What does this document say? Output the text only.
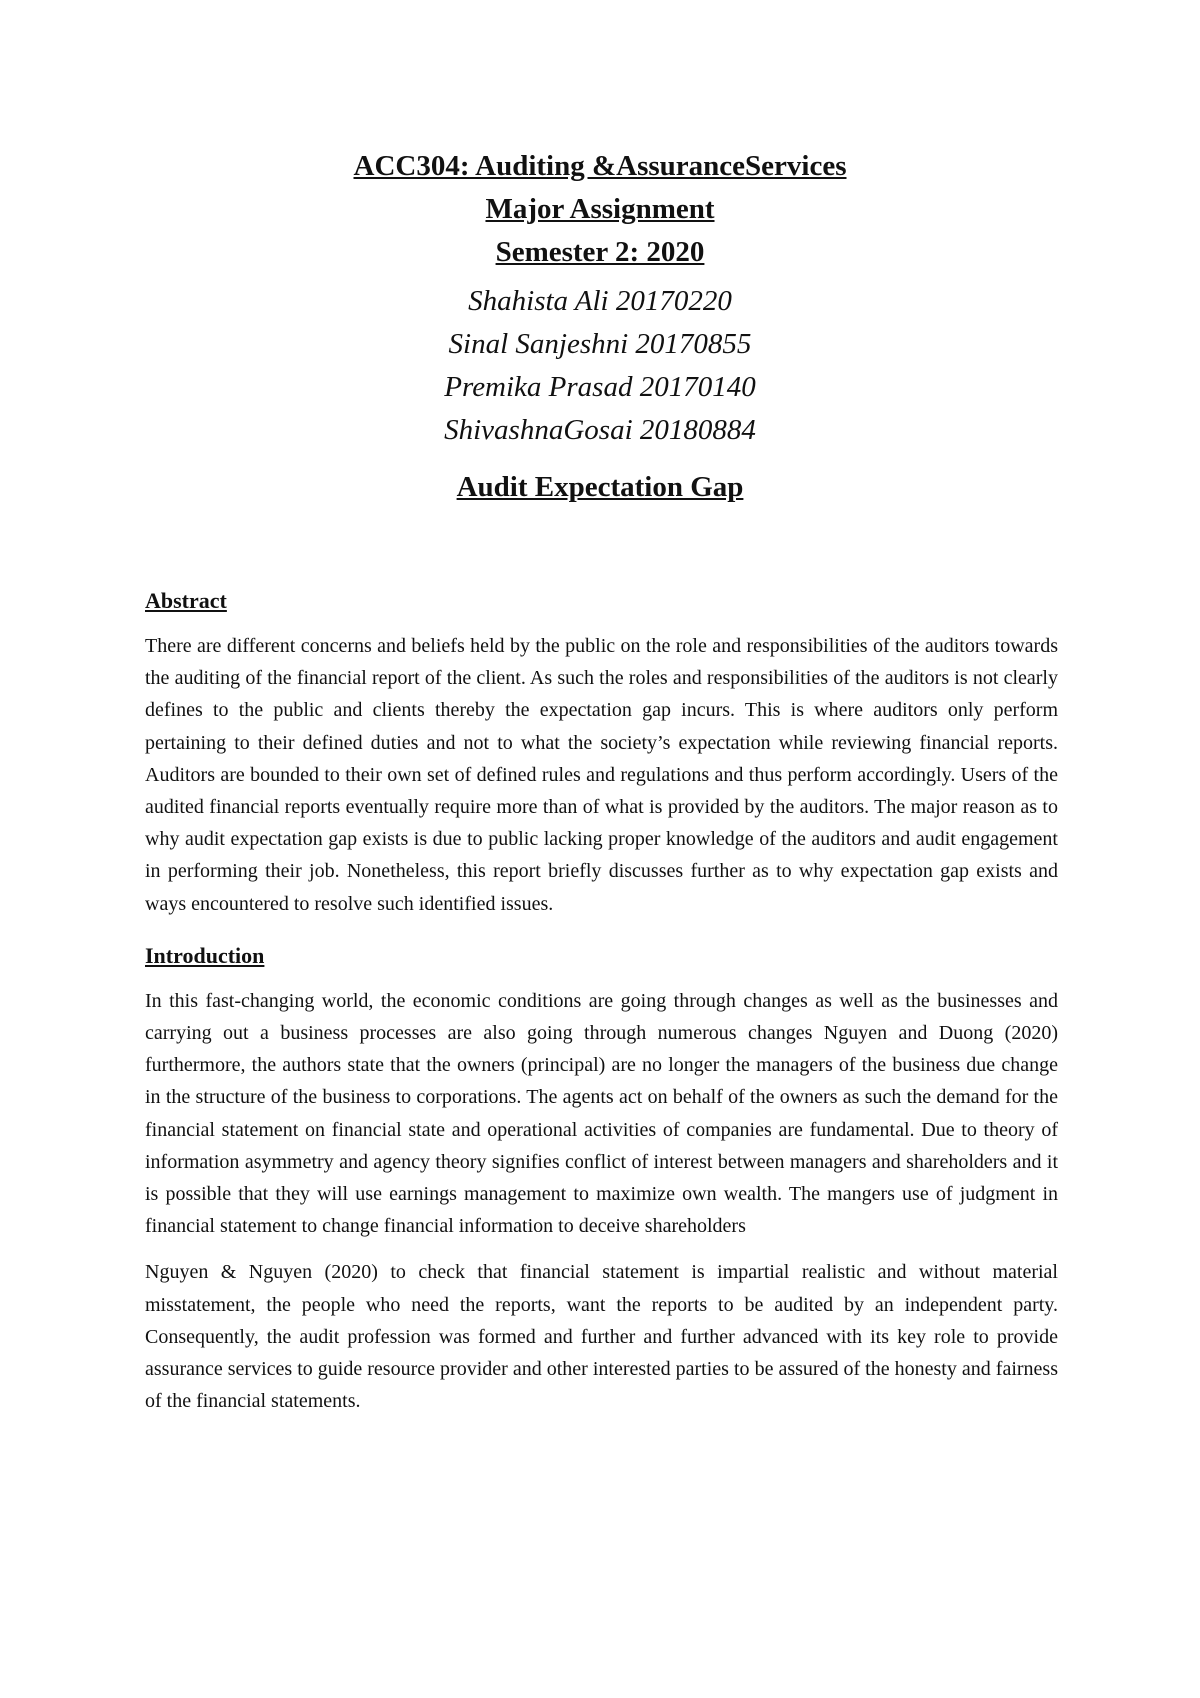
ACC304: Auditing &AssuranceServices
Major Assignment
Semester 2: 2020
Shahista Ali 20170220
Sinal Sanjeshni 20170855
Premika Prasad 20170140
ShivashnaGosai 20180884
Audit Expectation Gap
Abstract

There are different concerns and beliefs held by the public on the role and responsibilities of the auditors towards the auditing of the financial report of the client. As such the roles and responsibilities of the auditors is not clearly defines to the public and clients thereby the expectation gap incurs. This is where auditors only perform pertaining to their defined duties and not to what the society’s expectation while reviewing financial reports. Auditors are bounded to their own set of defined rules and regulations and thus perform accordingly. Users of the audited financial reports eventually require more than of what is provided by the auditors. The major reason as to why audit expectation gap exists is due to public lacking proper knowledge of the auditors and audit engagement in performing their job. Nonetheless, this report briefly discusses further as to why expectation gap exists and ways encountered to resolve such identified issues.

Introduction

In this fast-changing world, the economic conditions are going through changes as well as the businesses and carrying out a business processes are also going through numerous changes Nguyen and Duong (2020) furthermore, the authors state that the owners (principal) are no longer the managers of the business due change in the structure of the business to corporations. The agents act on behalf of the owners as such the demand for the financial statement on financial state and operational activities of companies are fundamental. Due to theory of information asymmetry and agency theory signifies conflict of interest between managers and shareholders and it is possible that they will use earnings management to maximize own wealth. The mangers use of judgment in financial statement to change financial information to deceive shareholders

Nguyen & Nguyen (2020) to check that financial statement is impartial realistic and without material misstatement, the people who need the reports, want the reports to be audited by an independent party. Consequently, the audit profession was formed and further and further advanced with its key role to provide assurance services to guide resource provider and other interested parties to be assured of the honesty and fairness of the financial statements.
